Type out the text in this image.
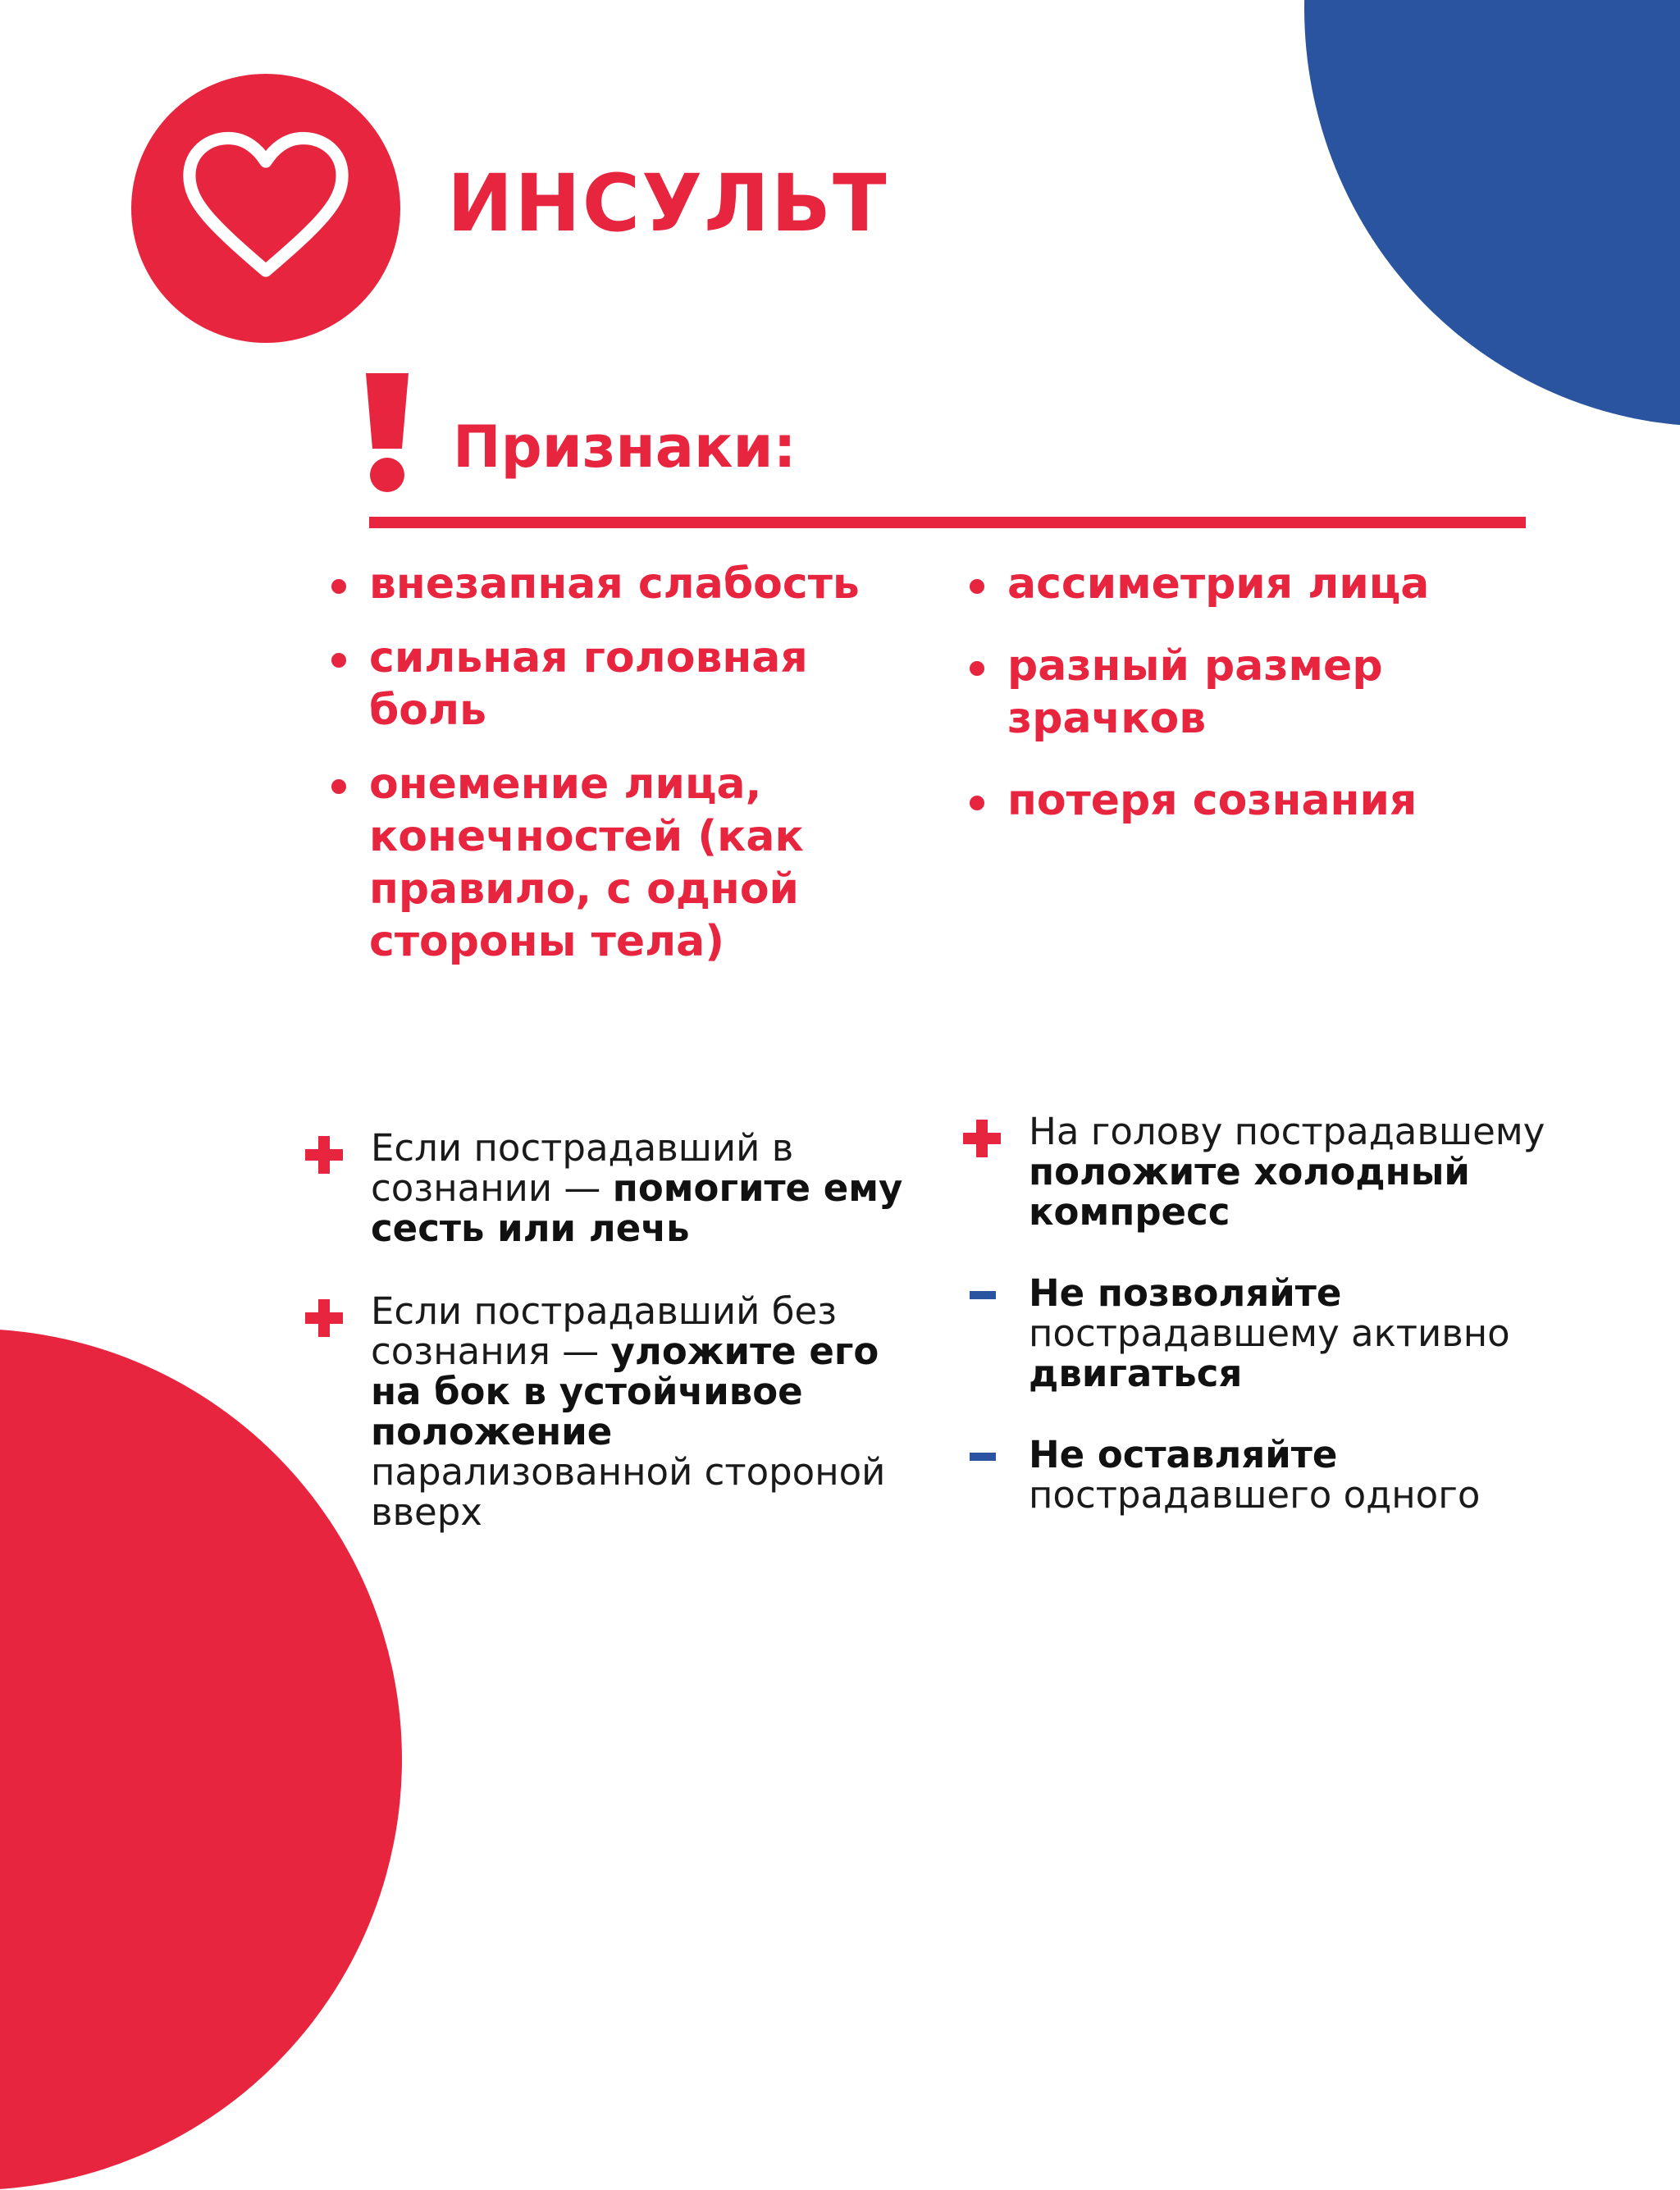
ИНСУЛЬТ
Признаки:
внезапная слабость
сильная головная боль
онемение лица, конечностей (как правило, с одной стороны тела)
ассиметрия лица
разный размер зрачков
потеря сознания
Если пострадавший в сознании — помогите ему сесть или лечь
Если пострадавший без сознания — уложите его на бок в устойчивое положение парализованной стороной вверх
На голову пострадавшему положите холодный компресс
Не позволяйте пострадавшему активно двигаться
Не оставляйте пострадавшего одного
